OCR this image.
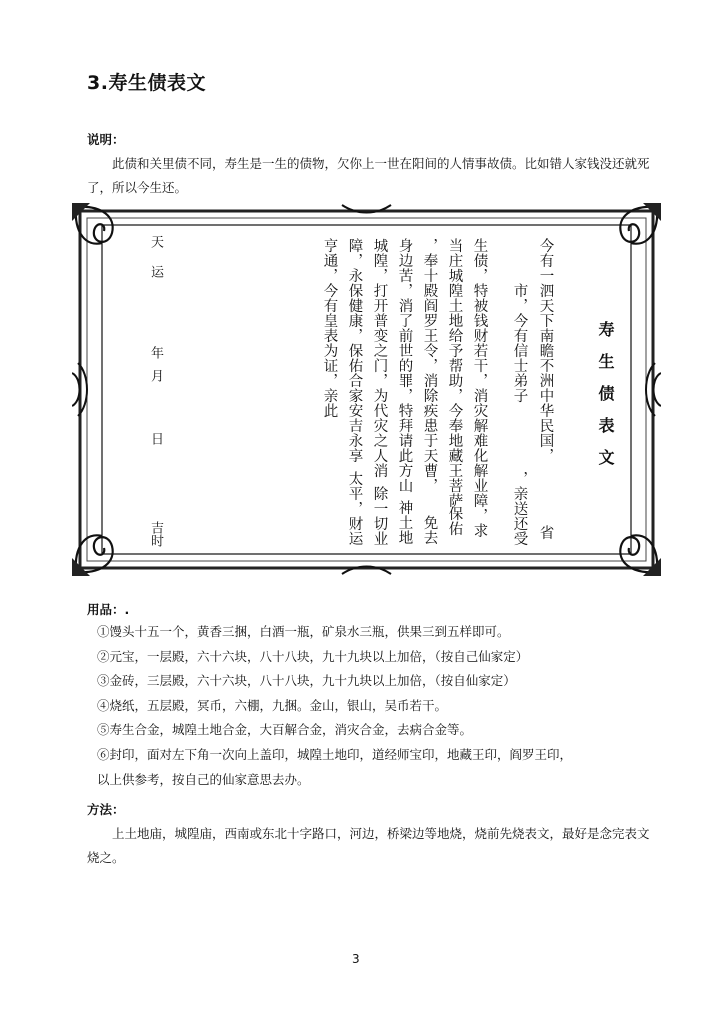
3.寿生债表文
说明：
此债和关里债不同，寿生是一生的债物，欠你上一世在阳间的人情事故债。比如错人家钱没还就死
了，所以今生还。
寿生债表文
今有一泗天下南瞻不洲中华民国，
省
市，今有信士弟子
，亲送还受
生债，特被钱财若干，消灾解难化解业障，求
当庄城隍土地给予帮助，今奉地藏王菩萨
保佑
，奉十殿阎罗王令，消除疾患于天曹，
免去
身边苦，消了前世的罪，特拜请此方山
神土地
城隍，打开普变之门，为代灾之人消
除一切业
障，永保健康，保佑合家安吉永享
太平，财运
亨通，今有皇表为证，亲此
天
运
年
月
日
吉时
用品：.
①馒头十五一个，黄香三捆，白酒一瓶，矿泉水三瓶，供果三到五样即可。
②元宝，一层殿，六十六块，八十八块，九十九块以上加倍，（按自己仙家定）
③金砖，三层殿，六十六块，八十八块，九十九块以上加倍，（按自仙家定）
④烧纸，五层殿，冥币，六棚，九捆。金山，银山，吴币若干。
⑤寿生合金，城隍土地合金，大百解合金，消灾合金，去病合金等。
⑥封印，面对左下角一次向上盖印，城隍土地印，道经师宝印，地藏王印，阎罗王印，
以上供参考，按自己的仙家意思去办。
方法：
上土地庙，城隍庙，西南或东北十字路口，河边，桥梁边等地烧，烧前先烧表文，最好是念完表文
烧之。
3
